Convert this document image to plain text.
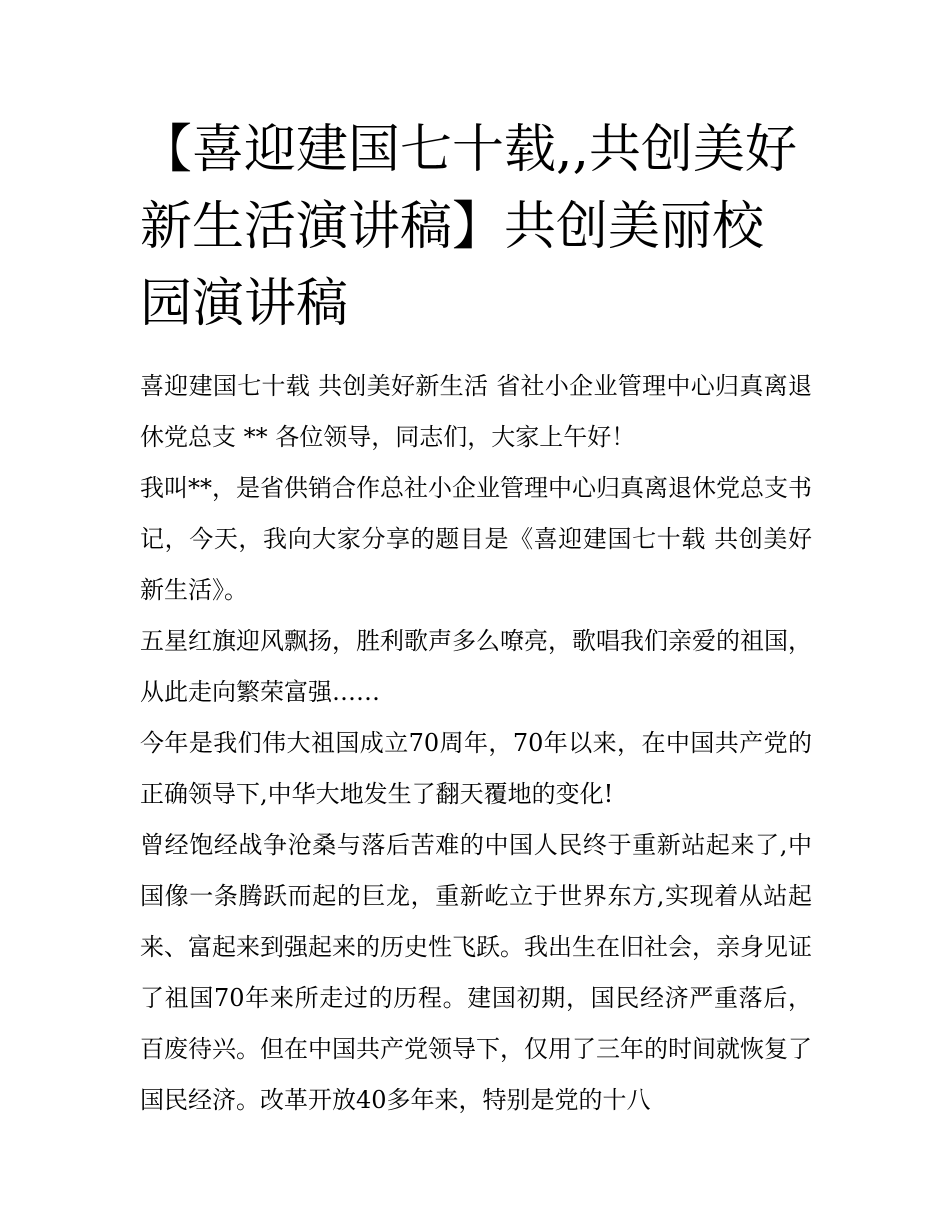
【喜迎建国七十载,,共创美好新生活演讲稿】共创美丽校园演讲稿

喜迎建国七十载 共创美好新生活 省社小企业管理中心归真离退休党总支 ** 各位领导，同志们，大家上午好！

我叫**，是省供销合作总社小企业管理中心归真离退休党总支书记，今天，我向大家分享的题目是《喜迎建国七十载 共创美好新生活》。

五星红旗迎风飘扬，胜利歌声多么嘹亮，歌唱我们亲爱的祖国，从此走向繁荣富强……

今年是我们伟大祖国成立70周年，70年以来，在中国共产党的正确领导下,中华大地发生了翻天覆地的变化!

曾经饱经战争沧桑与落后苦难的中国人民终于重新站起来了,中国像一条腾跃而起的巨龙，重新屹立于世界东方,实现着从站起来、富起来到强起来的历史性飞跃。我出生在旧社会，亲身见证了祖国70年来所走过的历程。建国初期，国民经济严重落后，百废待兴。但在中国共产党领导下，仅用了三年的时间就恢复了国民经济。改革开放40多年来，特别是党的十八
